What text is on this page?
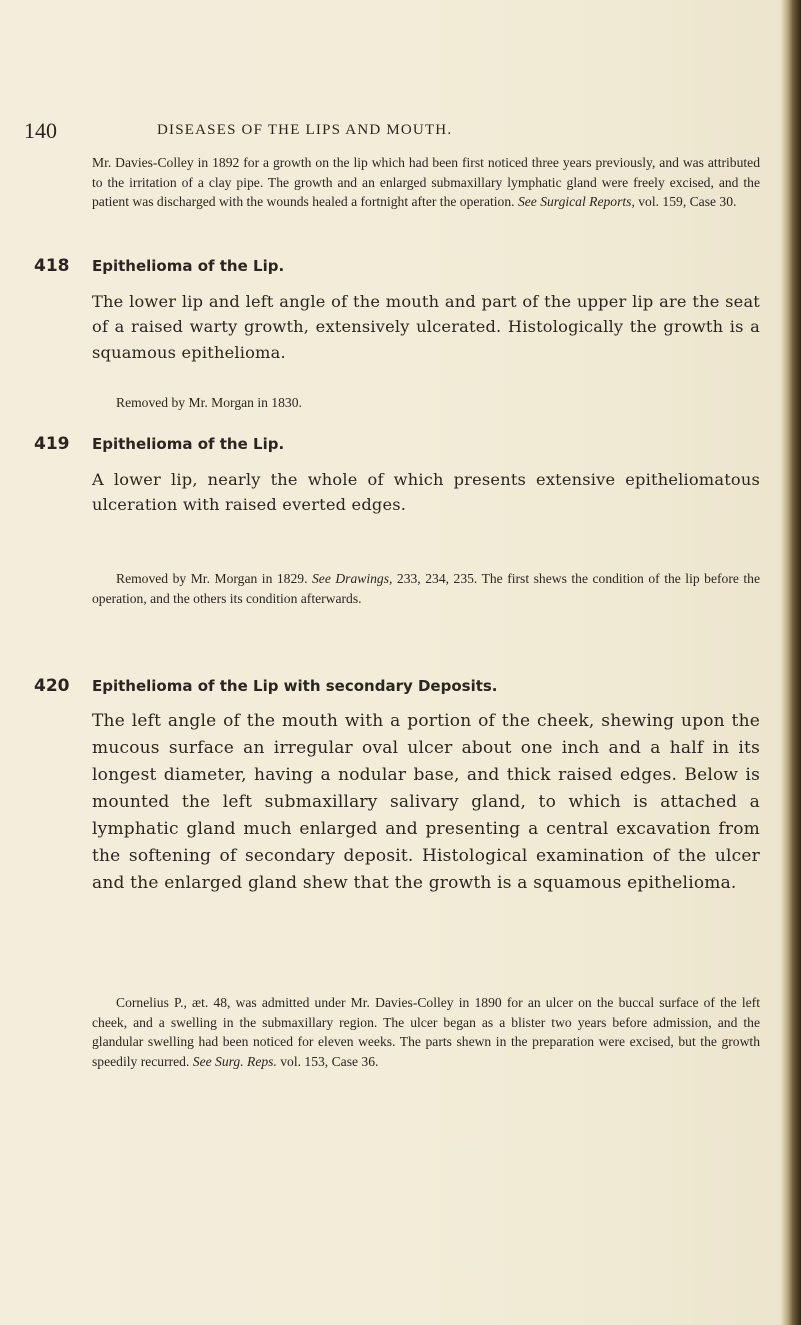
140	DISEASES OF THE LIPS AND MOUTH.
Mr. Davies-Colley in 1892 for a growth on the lip which had been first noticed three years previously, and was attributed to the irritation of a clay pipe. The growth and an enlarged submaxillary lymphatic gland were freely excised, and the patient was discharged with the wounds healed a fortnight after the operation. See Surgical Reports, vol. 159, Case 30.
418 Epithelioma of the Lip.
The lower lip and left angle of the mouth and part of the upper lip are the seat of a raised warty growth, extensively ulcerated. Histologically the growth is a squamous epithelioma.
Removed by Mr. Morgan in 1830.
419 Epithelioma of the Lip.
A lower lip, nearly the whole of which presents extensive epitheliomatous ulceration with raised everted edges.
Removed by Mr. Morgan in 1829. See Drawings, 233, 234, 235. The first shews the condition of the lip before the operation, and the others its condition afterwards.
420 Epithelioma of the Lip with secondary Deposits.
The left angle of the mouth with a portion of the cheek, shewing upon the mucous surface an irregular oval ulcer about one inch and a half in its longest diameter, having a nodular base, and thick raised edges. Below is mounted the left submaxillary salivary gland, to which is attached a lymphatic gland much enlarged and presenting a central excavation from the softening of secondary deposit. Histological examination of the ulcer and the enlarged gland shew that the growth is a squamous epithelioma.
Cornelius P., æt. 48, was admitted under Mr. Davies-Colley in 1890 for an ulcer on the buccal surface of the left cheek, and a swelling in the submaxillary region. The ulcer began as a blister two years before admission, and the glandular swelling had been noticed for eleven weeks. The parts shewn in the preparation were excised, but the growth speedily recurred. See Surg. Reps. vol. 153, Case 36.
